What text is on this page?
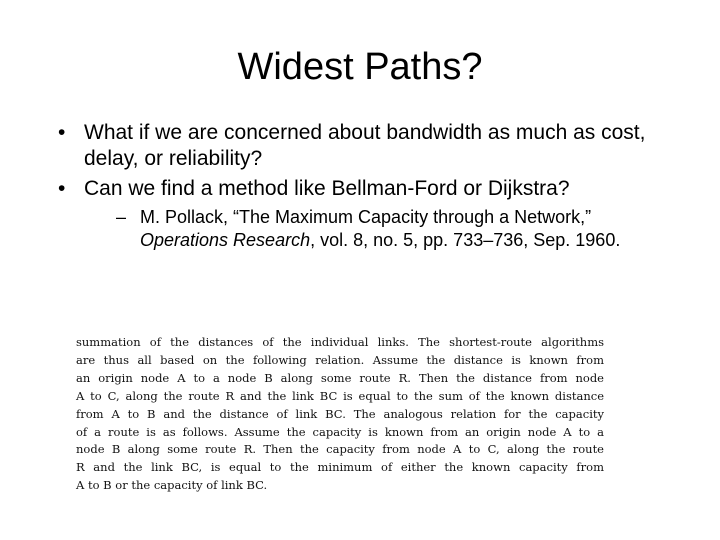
Widest Paths?
• What if we are concerned about bandwidth as much as cost, delay, or reliability?
• Can we find a method like Bellman-Ford or Dijkstra?
– M. Pollack, “The Maximum Capacity through a Network,” Operations Research, vol. 8, no. 5, pp. 733–736, Sep. 1960.
summation of the distances of the individual links. The shortest-route algorithms
are thus all based on the following relation. Assume the distance is known from
an origin node A to a node B along some route R. Then the distance from node
A to C, along the route R and the link BC is equal to the sum of the known distance
from A to B and the distance of link BC. The analogous relation for the capacity
of a route is as follows. Assume the capacity is known from an origin node A to a
node B along some route R. Then the capacity from node A to C, along the route
R and the link BC, is equal to the minimum of either the known capacity from
A to B or the capacity of link BC.
